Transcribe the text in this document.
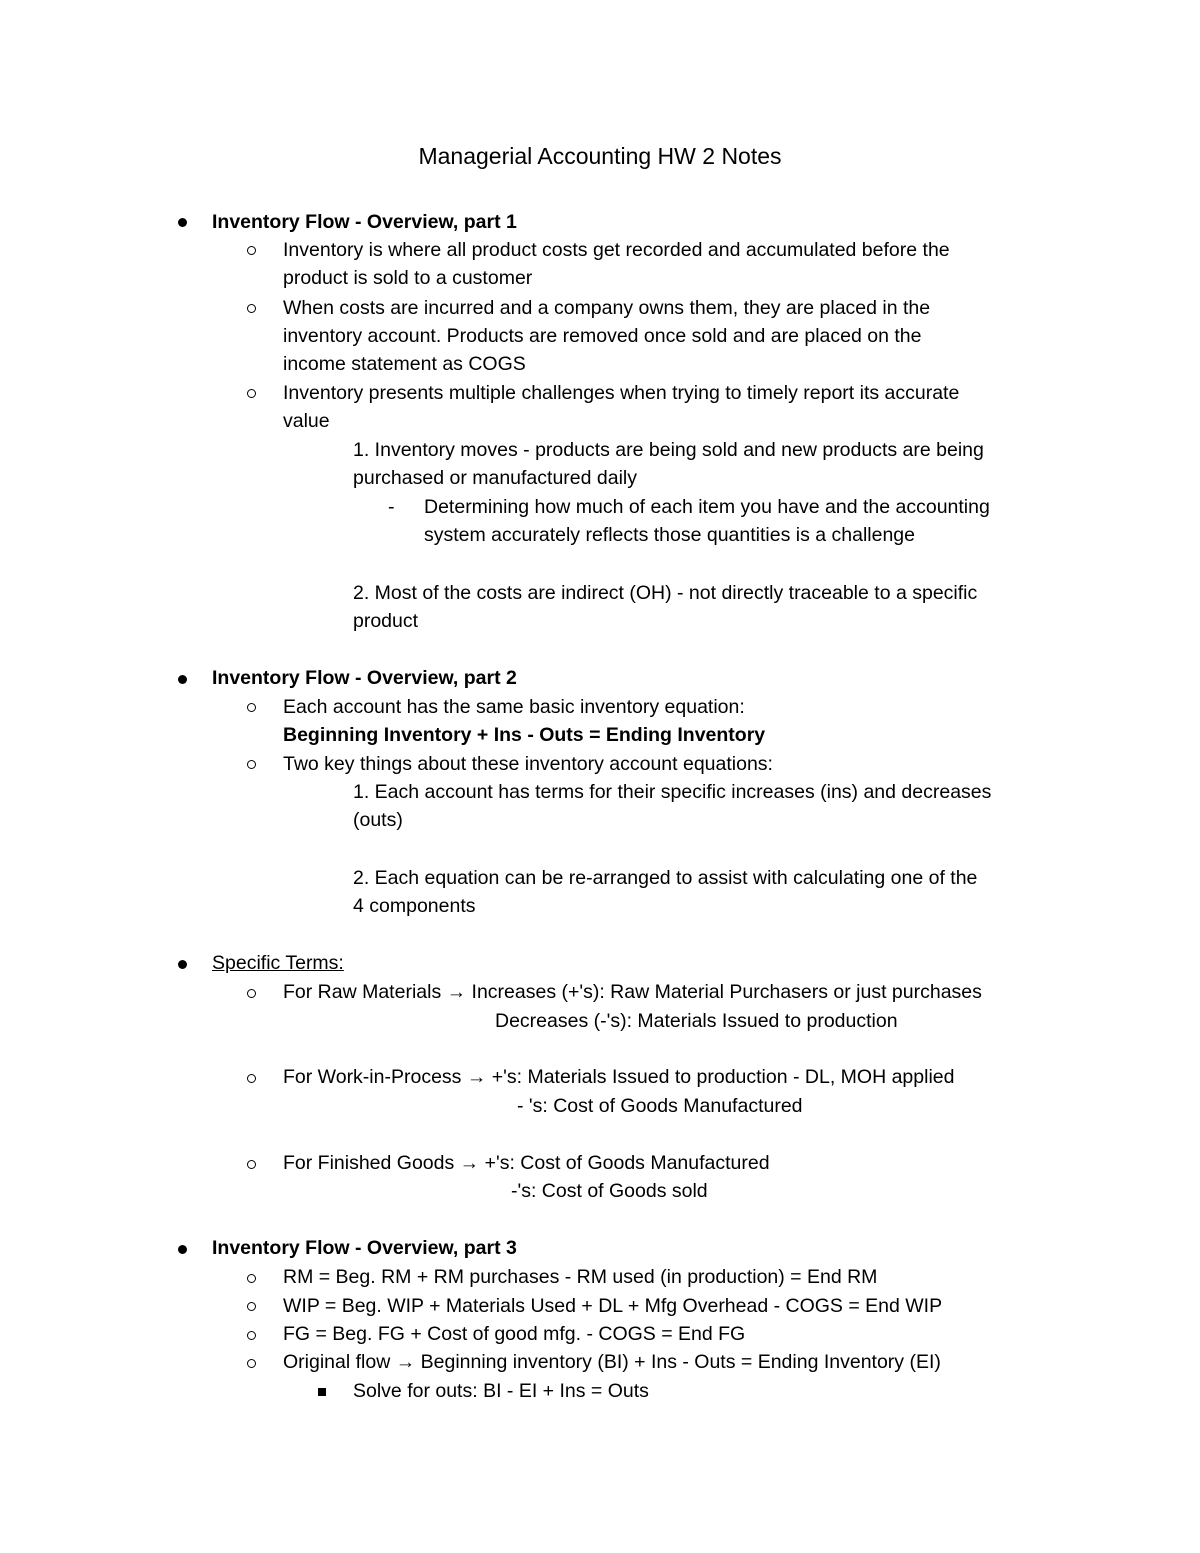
Managerial Accounting HW 2 Notes
Inventory Flow - Overview, part 1
Inventory is where all product costs get recorded and accumulated before the
product is sold to a customer
When costs are incurred and a company owns them, they are placed in the
inventory account. Products are removed once sold and are placed on the
income statement as COGS
Inventory presents multiple challenges when trying to timely report its accurate
value
1. Inventory moves - products are being sold and new products are being
purchased or manufactured daily
- Determining how much of each item you have and the accounting
system accurately reflects those quantities is a challenge
2. Most of the costs are indirect (OH) - not directly traceable to a specific
product
Inventory Flow - Overview, part 2
Each account has the same basic inventory equation:
Beginning Inventory + Ins - Outs = Ending Inventory
Two key things about these inventory account equations:
1. Each account has terms for their specific increases (ins) and decreases
(outs)
2. Each equation can be re-arranged to assist with calculating one of the
4 components
Specific Terms:
For Raw Materials → Increases (+'s): Raw Material Purchasers or just purchases
Decreases (-'s): Materials Issued to production
For Work-in-Process → +'s: Materials Issued to production - DL, MOH applied
- 's: Cost of Goods Manufactured
For Finished Goods → +'s: Cost of Goods Manufactured
-'s: Cost of Goods sold
Inventory Flow - Overview, part 3
RM = Beg. RM + RM purchases - RM used (in production) = End RM
WIP = Beg. WIP + Materials Used + DL + Mfg Overhead - COGS = End WIP
FG = Beg. FG + Cost of good mfg. - COGS = End FG
Original flow → Beginning inventory (BI) + Ins - Outs = Ending Inventory (EI)
Solve for outs: BI - EI + Ins = Outs
